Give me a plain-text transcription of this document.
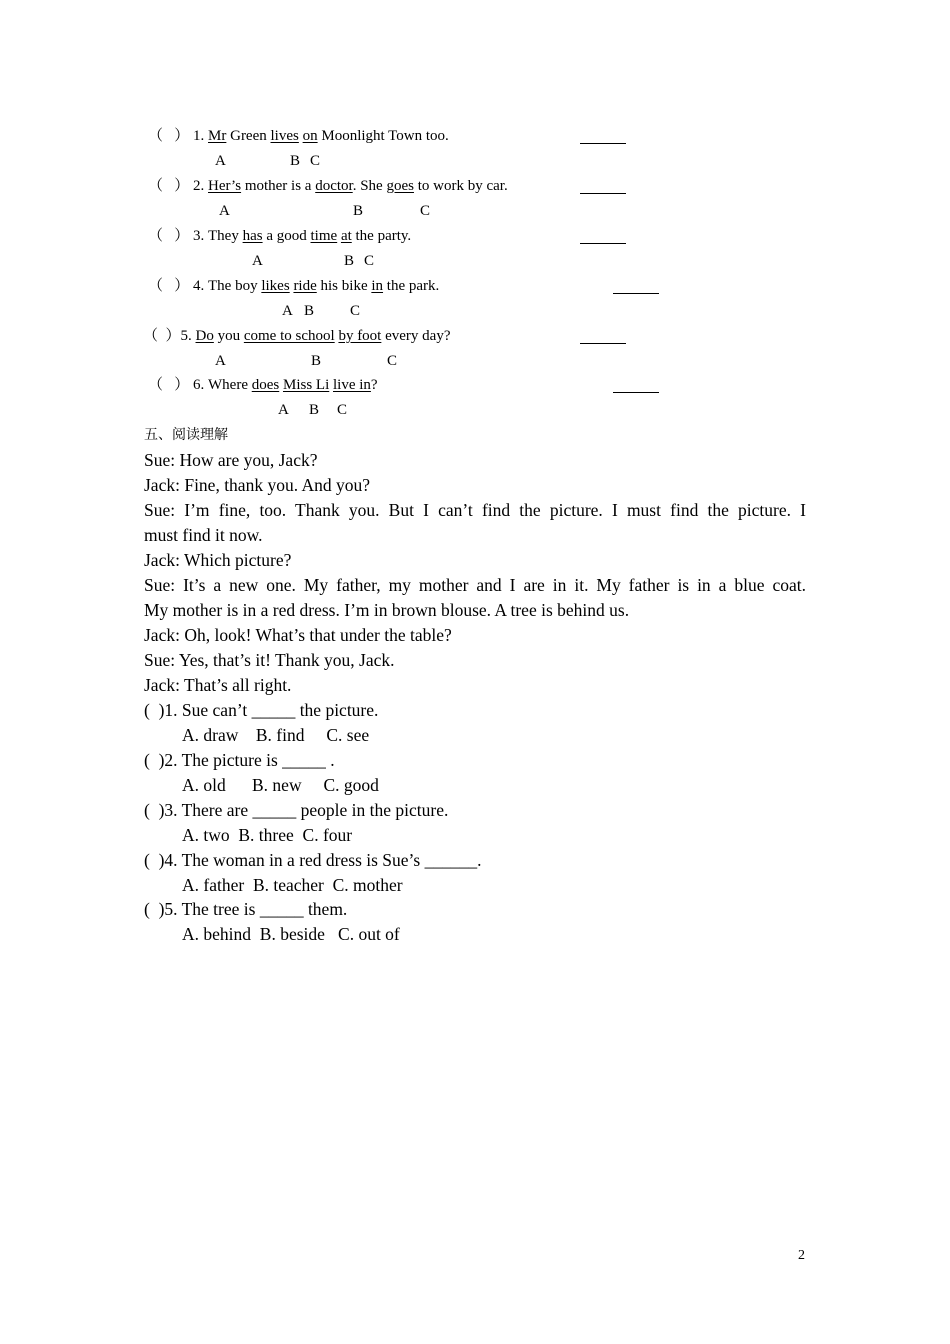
（   ） 1. Mr Green lives on Moonlight Town too.
A	B C
（   ） 2. Her’s mother is a doctor. She goes to work by car.
A	B	C
（   ） 3. They has a good time at the party.
A	B C
（   ） 4. The boy likes ride his bike in the park.
A B C
（  ）5. Do you come to school by foot every day?
A	B	C
（   ） 6. Where does Miss Li live in?
A B C
五、阅读理解
Sue: How are you, Jack?
Jack: Fine, thank you. And you?
Sue: I’m fine, too. Thank you. But I can’t find the picture. I must find the picture. I
must find it now.
Jack: Which picture?
Sue: It’s a new one. My father, my mother and I are in it. My father is in a blue coat.
My mother is in a red dress. I’m in brown blouse. A tree is behind us.
Jack: Oh, look! What’s that under the table?
Sue: Yes, that’s it! Thank you, Jack.
Jack: That’s all right.
(  )1. Sue can’t _____ the picture.
A. draw    B. find     C. see
(  )2. The picture is _____ .
A. old      B. new     C. good
(  )3. There are _____ people in the picture.
A. two  B. three  C. four
(  )4. The woman in a red dress is Sue’s ______.
A. father  B. teacher  C. mother
(  )5. The tree is _____ them.
A. behind  B. beside   C. out of
2
